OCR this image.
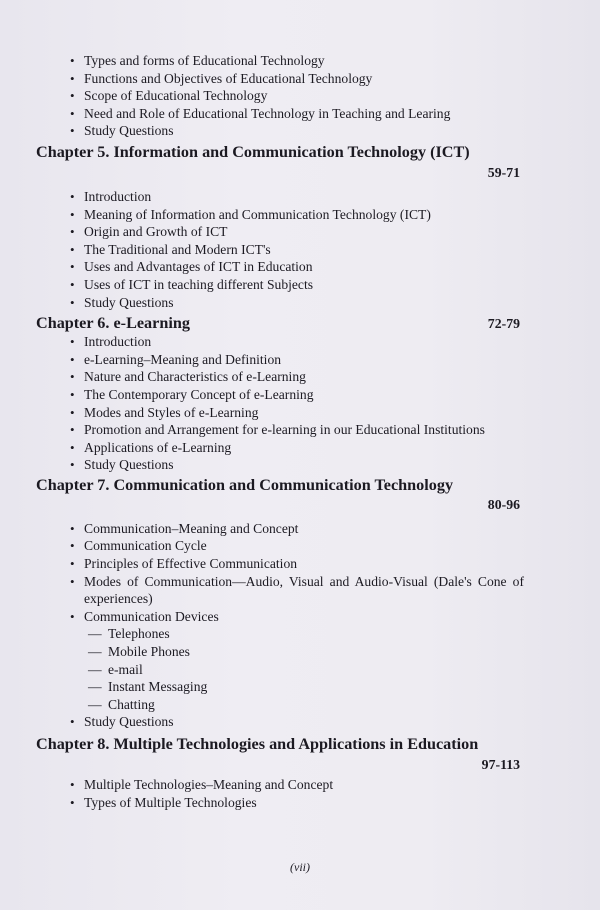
• Types and forms of Educational Technology
• Functions and Objectives of Educational Technology
• Scope of Educational Technology
• Need and Role of Educational Technology in Teaching and Learing
• Study Questions
Chapter 5. Information and Communication Technology (ICT)
59-71
• Introduction
• Meaning of Information and Communication Technology (ICT)
• Origin and Growth of ICT
• The Traditional and Modern ICT's
• Uses and Advantages of ICT in Education
• Uses of ICT in teaching different Subjects
• Study Questions
Chapter 6. e-Learning	72-79
• Introduction
• e-Learning–Meaning and Definition
• Nature and Characteristics of e-Learning
• The Contemporary Concept of e-Learning
• Modes and Styles of e-Learning
• Promotion and Arrangement for e-learning in our Educational Institutions
• Applications of e-Learning
• Study Questions
Chapter 7. Communication and Communication Technology
80-96
• Communication–Meaning and Concept
• Communication Cycle
• Principles of Effective Communication
• Modes of Communication—Audio, Visual and Audio-Visual (Dale's Cone of experiences)
• Communication Devices
— Telephones
— Mobile Phones
— e-mail
— Instant Messaging
— Chatting
• Study Questions
Chapter 8. Multiple Technologies and Applications in Education
97-113
• Multiple Technologies–Meaning and Concept
• Types of Multiple Technologies
(vii)
